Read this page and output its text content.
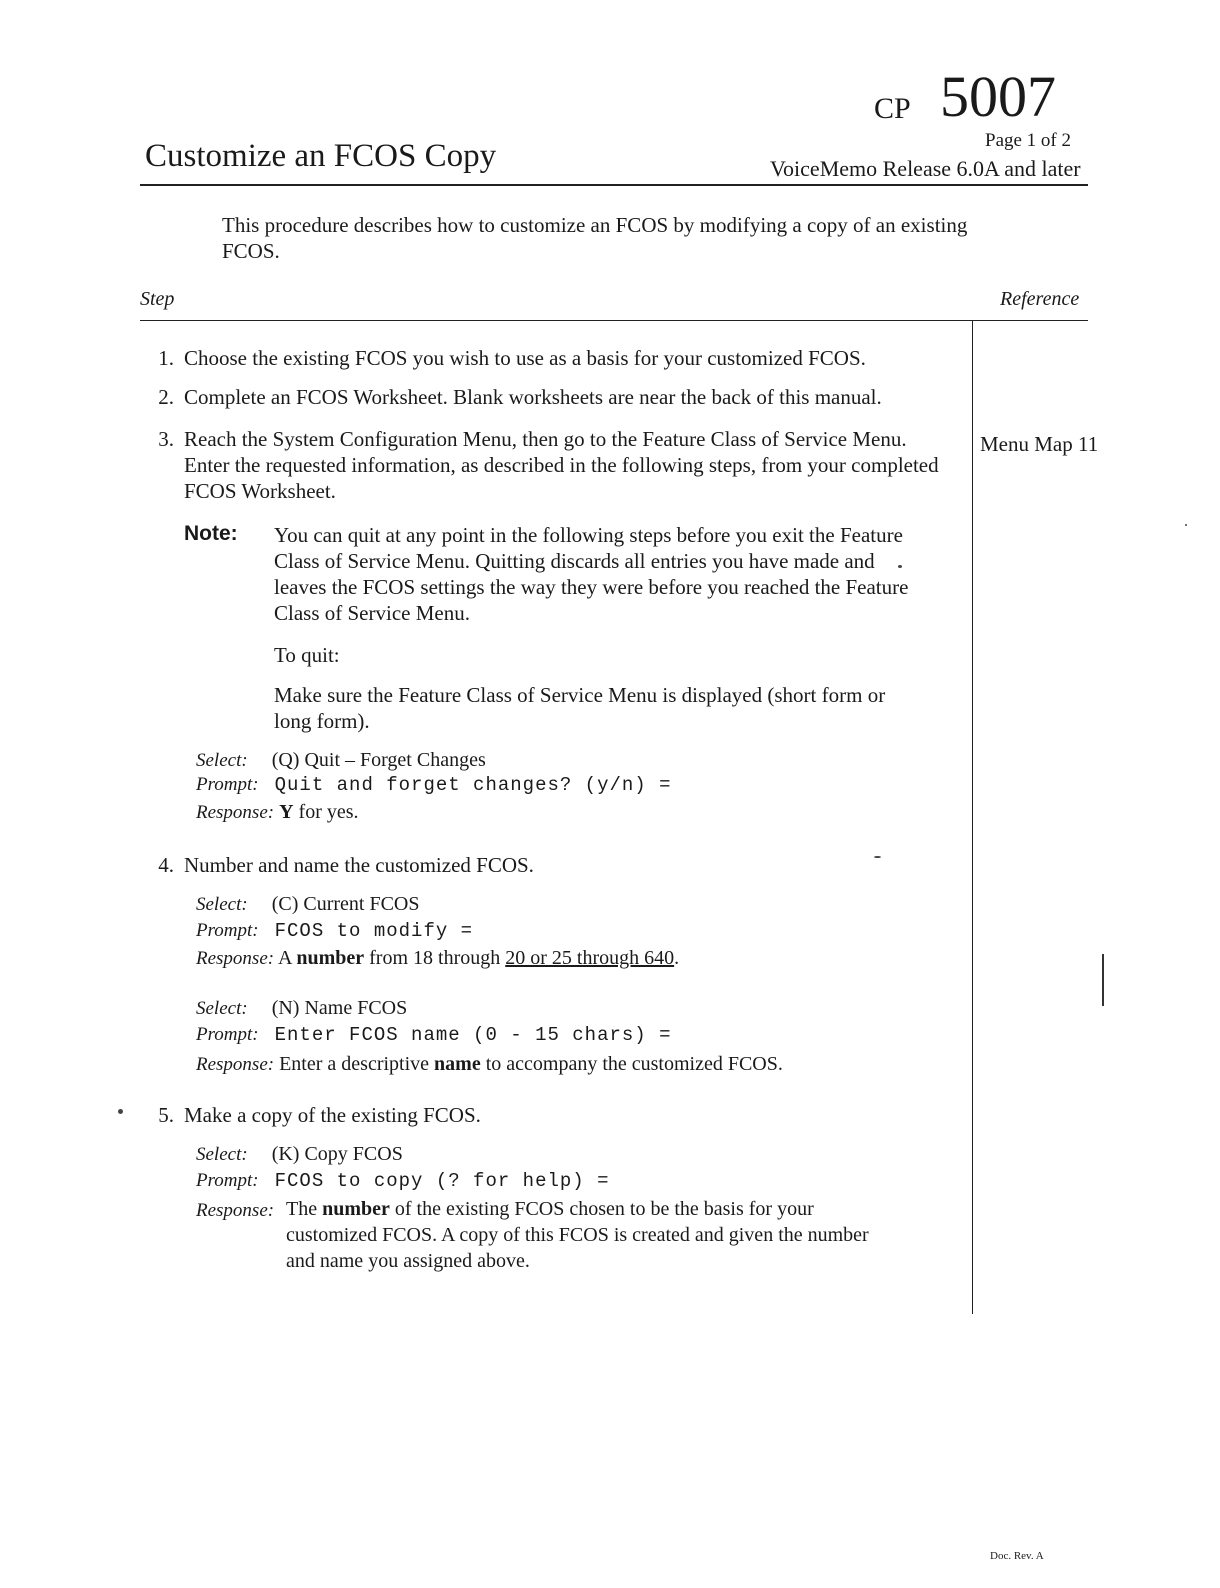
Customize an FCOS Copy
CP 5007
Page 1 of 2
VoiceMemo Release 6.0A and later
This procedure describes how to customize an FCOS by modifying a copy of an existing FCOS.
Step	Reference
1. Choose the existing FCOS you wish to use as a basis for your customized FCOS.
2. Complete an FCOS Worksheet. Blank worksheets are near the back of this manual.
3. Reach the System Configuration Menu, then go to the Feature Class of Service Menu. Enter the requested information, as described in the following steps, from your completed FCOS Worksheet.
Menu Map 11
Note: You can quit at any point in the following steps before you exit the Feature Class of Service Menu. Quitting discards all entries you have made and leaves the FCOS settings the way they were before you reached the Feature Class of Service Menu.
To quit:
Make sure the Feature Class of Service Menu is displayed (short form or long form).
Select: (Q) Quit – Forget Changes
Prompt: Quit and forget changes? (y/n) =
Response: Y for yes.
4. Number and name the customized FCOS.
Select: (C) Current FCOS
Prompt: FCOS to modify =
Response: A number from 18 through 20 or 25 through 640.
Select: (N) Name FCOS
Prompt: Enter FCOS name (0 - 15 chars) =
Response: Enter a descriptive name to accompany the customized FCOS.
5. Make a copy of the existing FCOS.
Select: (K) Copy FCOS
Prompt: FCOS to copy (? for help) =
Response: The number of the existing FCOS chosen to be the basis for your customized FCOS. A copy of this FCOS is created and given the number and name you assigned above.
Doc. Rev. A
